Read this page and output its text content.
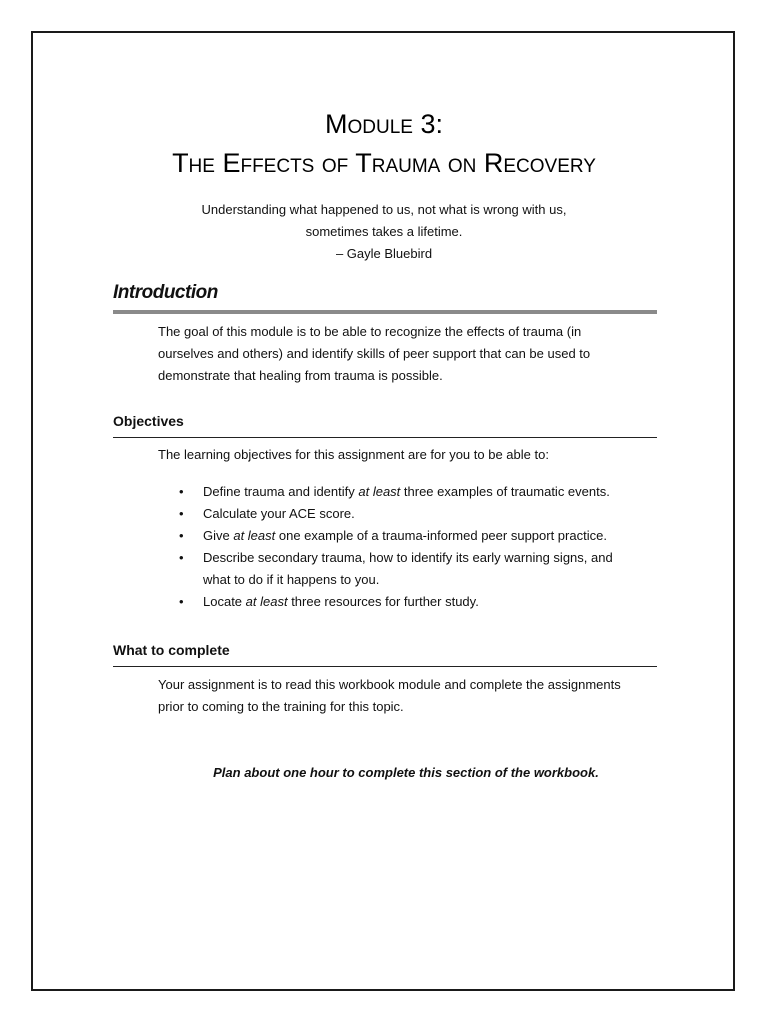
Module 3:
The Effects of Trauma on Recovery
Understanding what happened to us, not what is wrong with us,
sometimes takes a lifetime.
– Gayle Bluebird
Introduction
The goal of this module is to be able to recognize the effects of trauma (in
ourselves and others) and identify skills of peer support that can be used to
demonstrate that healing from trauma is possible.
Objectives
The learning objectives for this assignment are for you to be able to:
• Define trauma and identify at least three examples of traumatic events.
• Calculate your ACE score.
• Give at least one example of a trauma-informed peer support practice.
• Describe secondary trauma, how to identify its early warning signs, and
what to do if it happens to you.
• Locate at least three resources for further study.
What to complete
Your assignment is to read this workbook module and complete the assignments
prior to coming to the training for this topic.
Plan about one hour to complete this section of the workbook.
